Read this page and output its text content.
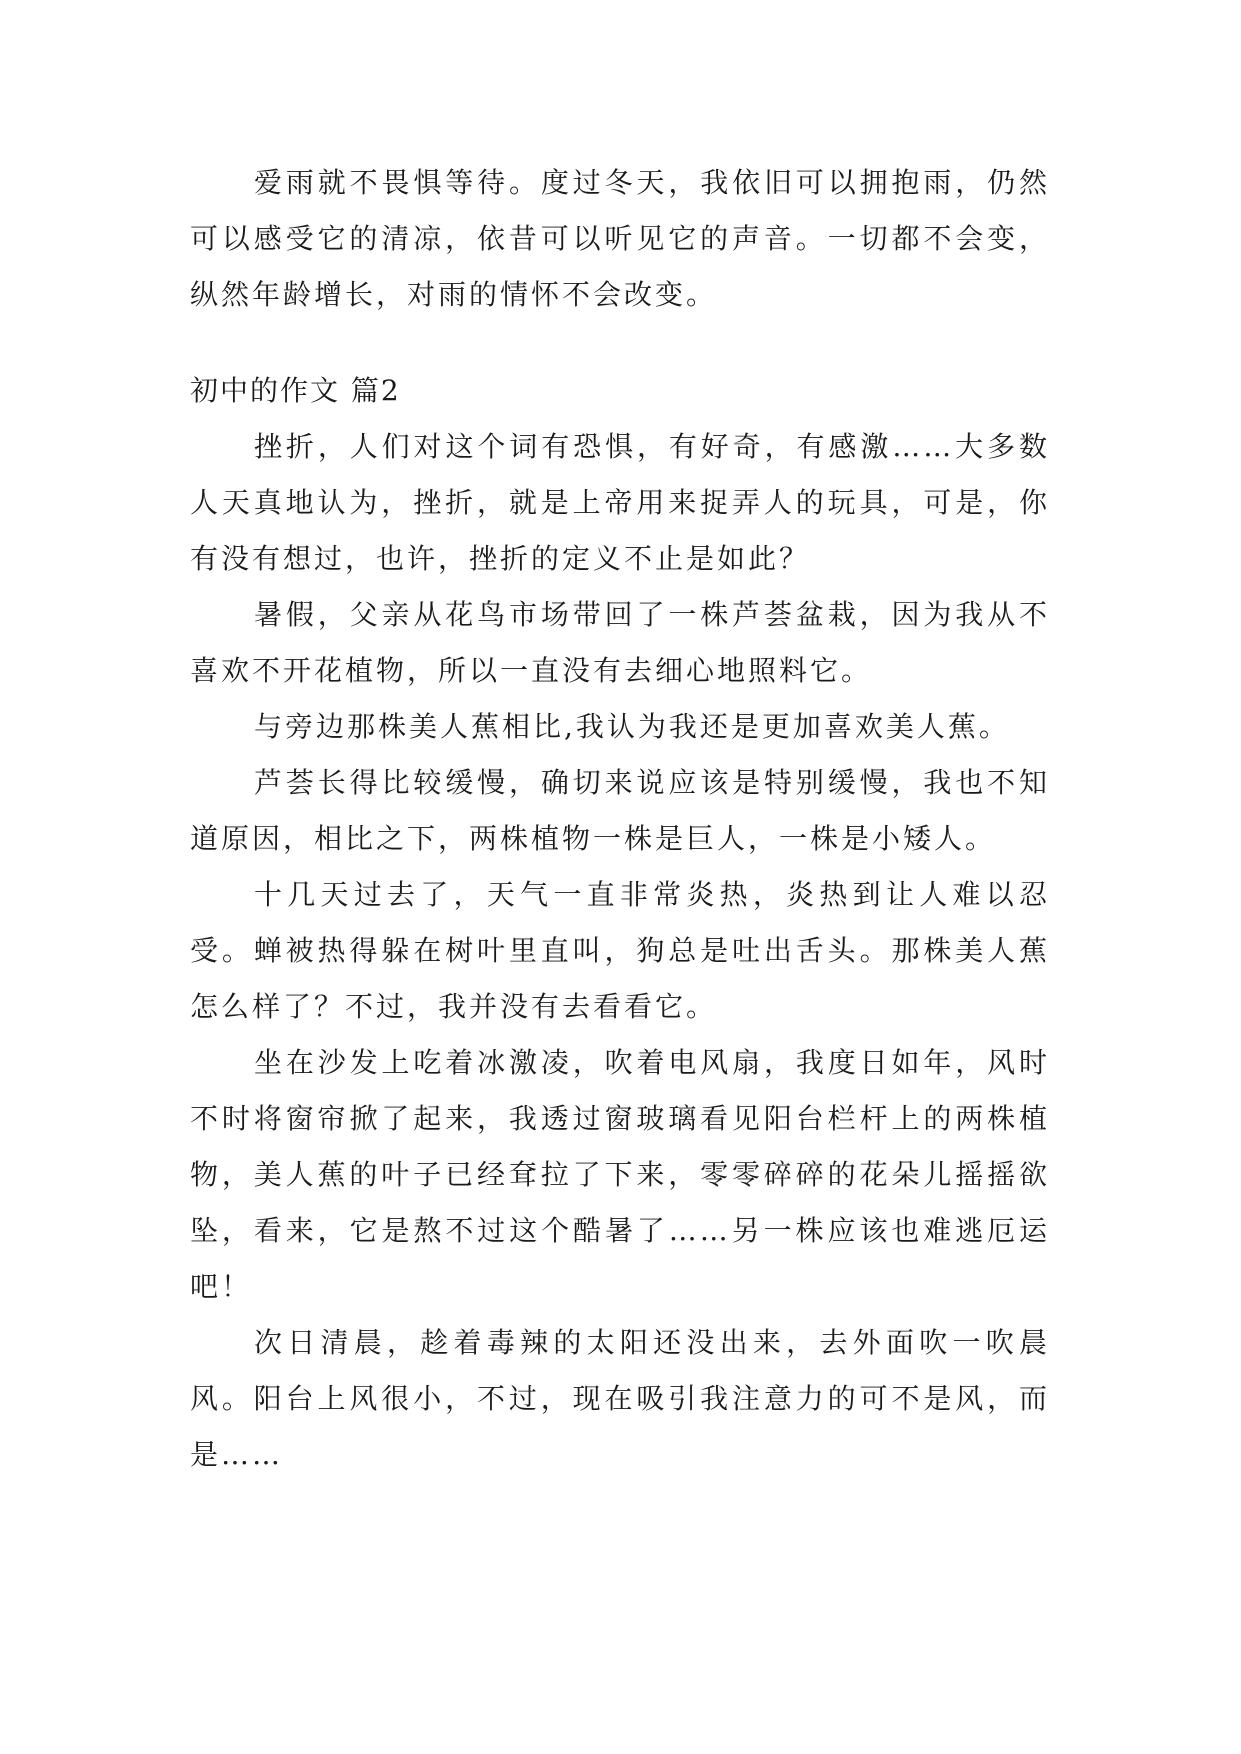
爱雨就不畏惧等待。度过冬天，我依旧可以拥抱雨，仍然可以感受它的清凉，依昔可以听见它的声音。一切都不会变，纵然年龄增长，对雨的情怀不会改变。

初中的作文 篇2

挫折，人们对这个词有恐惧，有好奇，有感激……大多数人天真地认为，挫折，就是上帝用来捉弄人的玩具，可是，你有没有想过，也许，挫折的定义不止是如此？

暑假，父亲从花鸟市场带回了一株芦荟盆栽，因为我从不喜欢不开花植物，所以一直没有去细心地照料它。

与旁边那株美人蕉相比,我认为我还是更加喜欢美人蕉。

芦荟长得比较缓慢，确切来说应该是特别缓慢，我也不知道原因，相比之下，两株植物一株是巨人，一株是小矮人。

十几天过去了，天气一直非常炎热，炎热到让人难以忍受。蝉被热得躲在树叶里直叫，狗总是吐出舌头。那株美人蕉怎么样了？不过，我并没有去看看它。

坐在沙发上吃着冰激凌，吹着电风扇，我度日如年，风时不时将窗帘掀了起来，我透过窗玻璃看见阳台栏杆上的两株植物，美人蕉的叶子已经耷拉了下来，零零碎碎的花朵儿摇摇欲坠，看来，它是熬不过这个酷暑了……另一株应该也难逃厄运吧！

次日清晨，趁着毒辣的太阳还没出来，去外面吹一吹晨风。阳台上风很小，不过，现在吸引我注意力的可不是风，而是……
